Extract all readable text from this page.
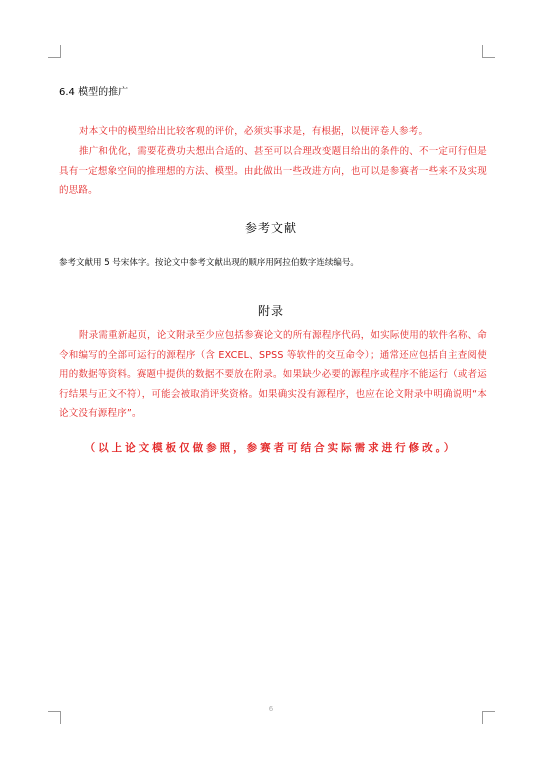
6.4 模型的推广

对本文中的模型给出比较客观的评价，必须实事求是，有根据，以便评卷人参考。

推广和优化，需要花费功夫想出合适的、甚至可以合理改变题目给出的条件的、不一定可行但是具有一定想象空间的推理想的方法、模型。由此做出一些改进方向，也可以是参赛者一些来不及实现的思路。

参考文献

参考文献用 5 号宋体字。按论文中参考文献出现的顺序用阿拉伯数字连续编号。

附录

附录需重新起页，论文附录至少应包括参赛论文的所有源程序代码，如实际使用的软件名称、命令和编写的全部可运行的源程序（含 EXCEL、SPSS 等软件的交互命令）；通常还应包括自主查阅使用的数据等资料。赛题中提供的数据不要放在附录。如果缺少必要的源程序或程序不能运行（或者运行结果与正文不符），可能会被取消评奖资格。如果确实没有源程序，也应在论文附录中明确说明“本论文没有源程序”。

（以上论文模板仅做参照，参赛者可结合实际需求进行修改。）
6
